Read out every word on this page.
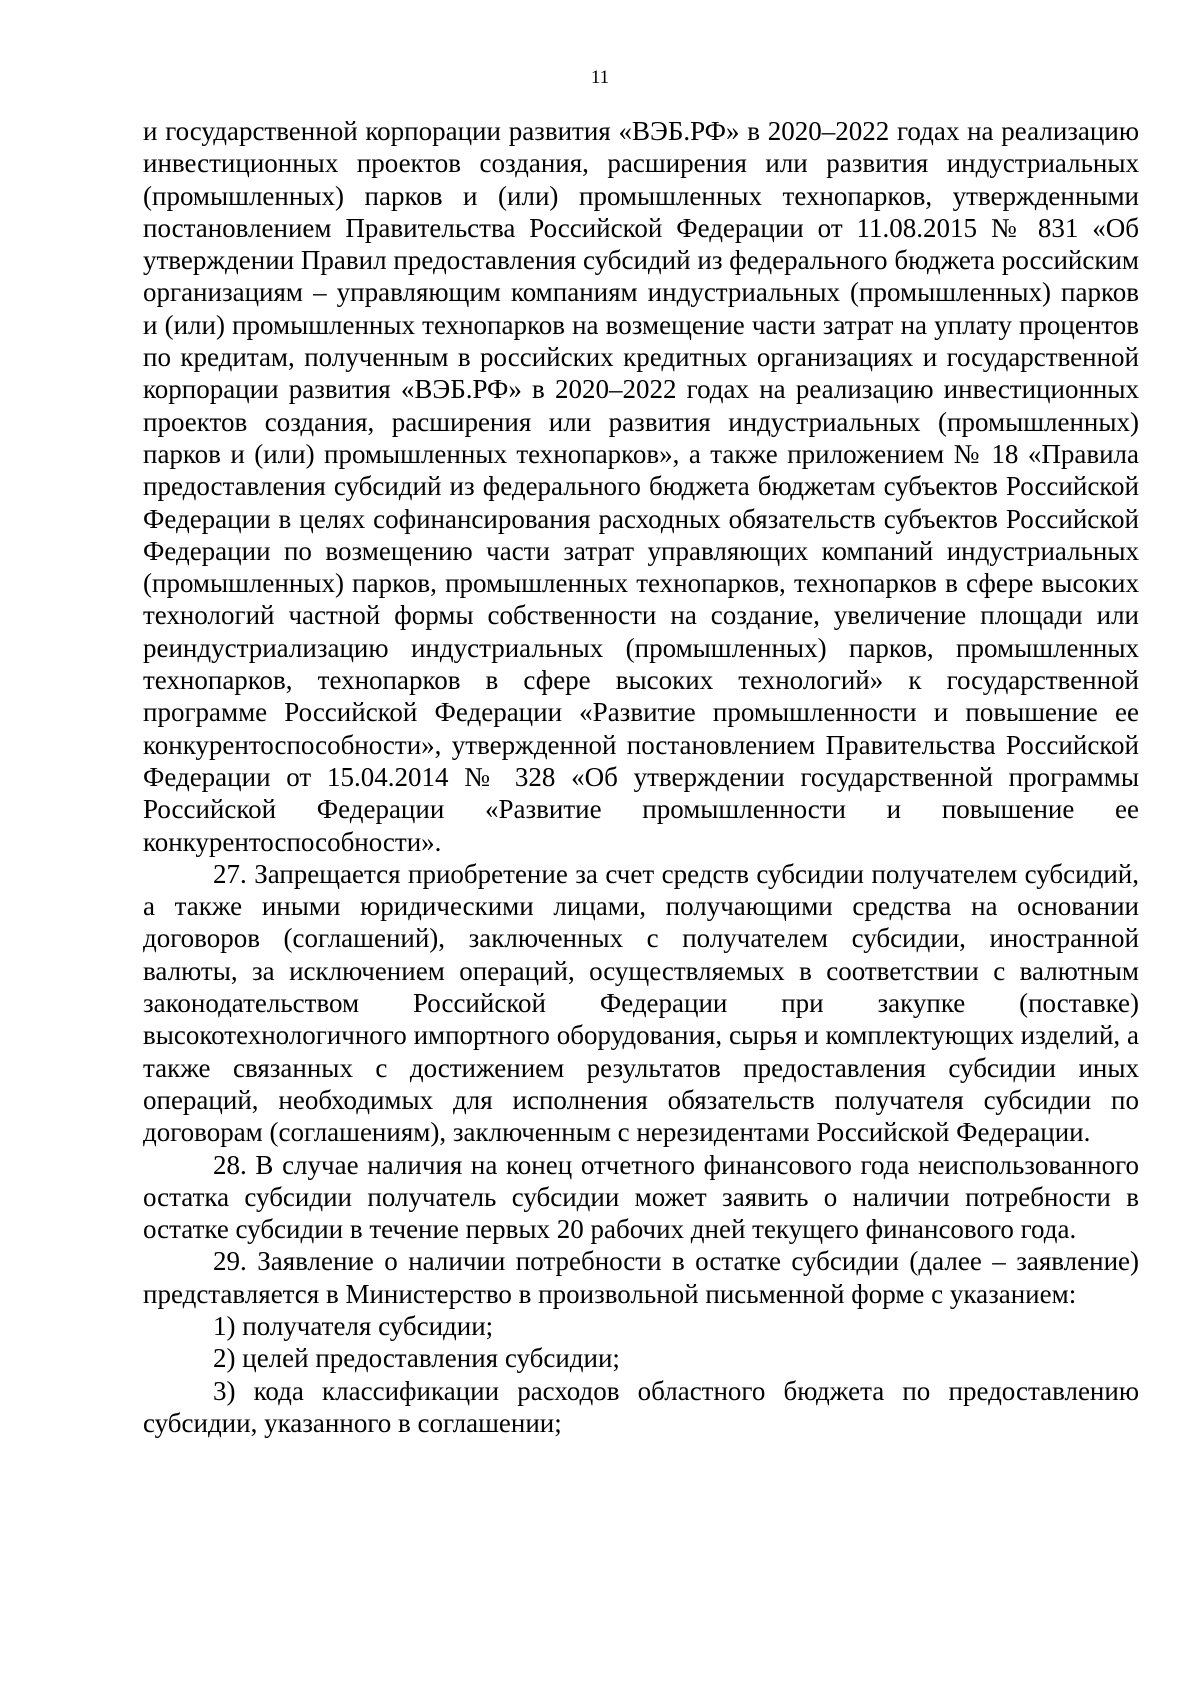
11

и государственной корпорации развития «ВЭБ.РФ» в 2020–2022 годах на реализацию инвестиционных проектов создания, расширения или развития индустриальных (промышленных) парков и (или) промышленных технопарков, утвержденными постановлением Правительства Российской Федерации от 11.08.2015 № 831 «Об утверждении Правил предоставления субсидий из федерального бюджета российским организациям – управляющим компаниям индустриальных (промышленных) парков и (или) промышленных технопарков на возмещение части затрат на уплату процентов по кредитам, полученным в российских кредитных организациях и государственной корпорации развития «ВЭБ.РФ» в 2020–2022 годах на реализацию инвестиционных проектов создания, расширения или развития индустриальных (промышленных) парков и (или) промышленных технопарков», а также приложением № 18 «Правила предоставления субсидий из федерального бюджета бюджетам субъектов Российской Федерации в целях софинансирования расходных обязательств субъектов Российской Федерации по возмещению части затрат управляющих компаний индустриальных (промышленных) парков, промышленных технопарков, технопарков в сфере высоких технологий частной формы собственности на создание, увеличение площади или реиндустриализацию индустриальных (промышленных) парков, промышленных технопарков, технопарков в сфере высоких технологий» к государственной программе Российской Федерации «Развитие промышленности и повышение ее конкурентоспособности», утвержденной постановлением Правительства Российской Федерации от 15.04.2014 № 328 «Об утверждении государственной программы Российской Федерации «Развитие промышленности и повышение ее конкурентоспособности».

27. Запрещается приобретение за счет средств субсидии получателем субсидий, а также иными юридическими лицами, получающими средства на основании договоров (соглашений), заключенных с получателем субсидии, иностранной валюты, за исключением операций, осуществляемых в соответствии с валютным законодательством Российской Федерации при закупке (поставке) высокотехнологичного импортного оборудования, сырья и комплектующих изделий, а также связанных с достижением результатов предоставления субсидии иных операций, необходимых для исполнения обязательств получателя субсидии по договорам (соглашениям), заключенным с нерезидентами Российской Федерации.

28. В случае наличия на конец отчетного финансового года неиспользованного остатка субсидии получатель субсидии может заявить о наличии потребности в остатке субсидии в течение первых 20 рабочих дней текущего финансового года.

29. Заявление о наличии потребности в остатке субсидии (далее – заявление) представляется в Министерство в произвольной письменной форме с указанием:

1) получателя субсидии;

2) целей предоставления субсидии;

3) кода классификации расходов областного бюджета по предоставлению субсидии, указанного в соглашении;
